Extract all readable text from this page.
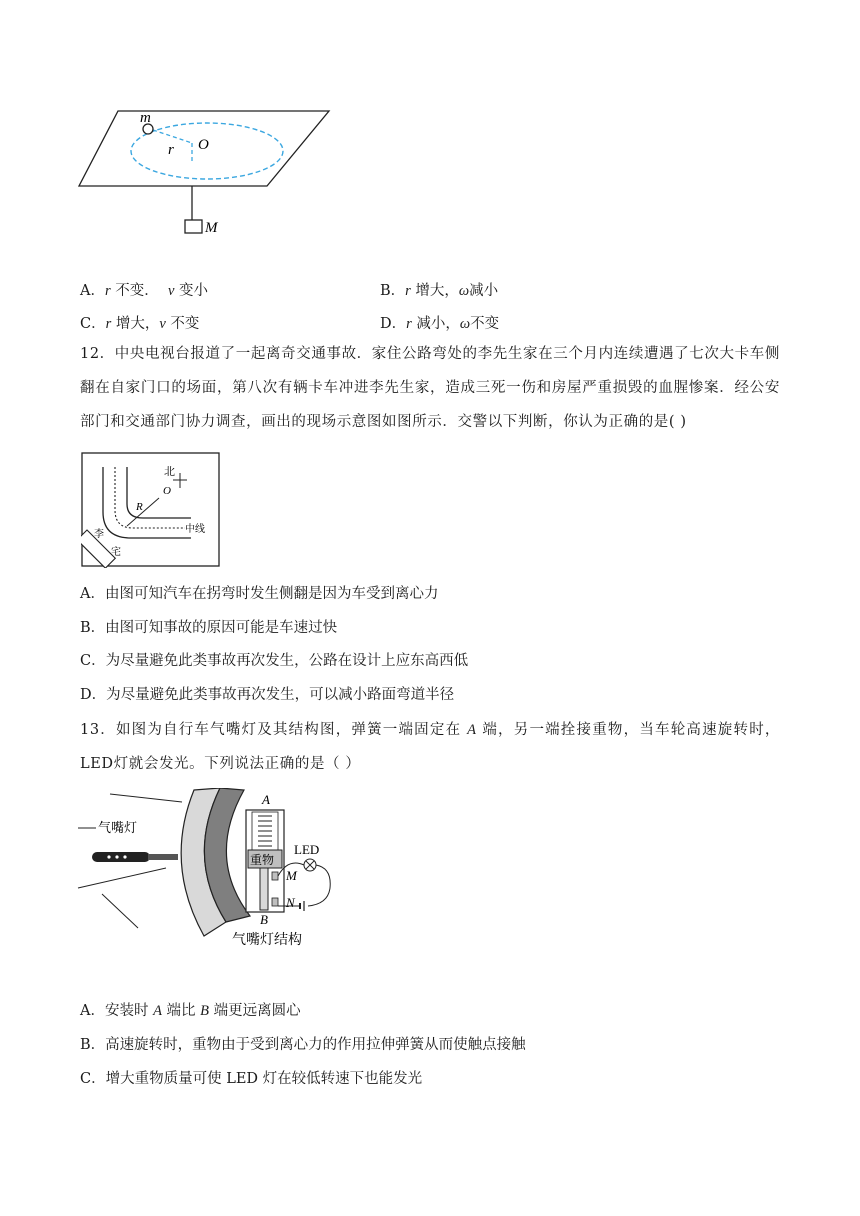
m
O
r
M
A．r 不变．  v 变小	B．r 增大，ω减小
C．r 增大，v 不变	D．r 减小，ω不变
12．中央电视台报道了一起离奇交通事故．家住公路弯处的李先生家在三个月内连续遭遇了七次大卡车侧翻在自家门口的场面，第八次有辆卡车冲进李先生家，造成三死一伤和房屋严重损毁的血腥惨案．经公安部门和交通部门协力调查，画出的现场示意图如图所示．交警以下判断，你认为正确的是( )
北
R
O
中线
李
宅
A．由图可知汽车在拐弯时发生侧翻是因为车受到离心力
B．由图可知事故的原因可能是车速过快
C．为尽量避免此类事故再次发生，公路在设计上应东高西低
D．为尽量避免此类事故再次发生，可以减小路面弯道半径
13．如图为自行车气嘴灯及其结构图，弹簧一端固定在 A 端，另一端拴接重物，当车轮高速旋转时，LED灯就会发光。下列说法正确的是（ ）
气嘴灯
A
重物
M
N
B
LED
气嘴灯结构
A．安装时 A 端比 B 端更远离圆心
B．高速旋转时，重物由于受到离心力的作用拉伸弹簧从而使触点接触
C．增大重物质量可使 LED 灯在较低转速下也能发光
